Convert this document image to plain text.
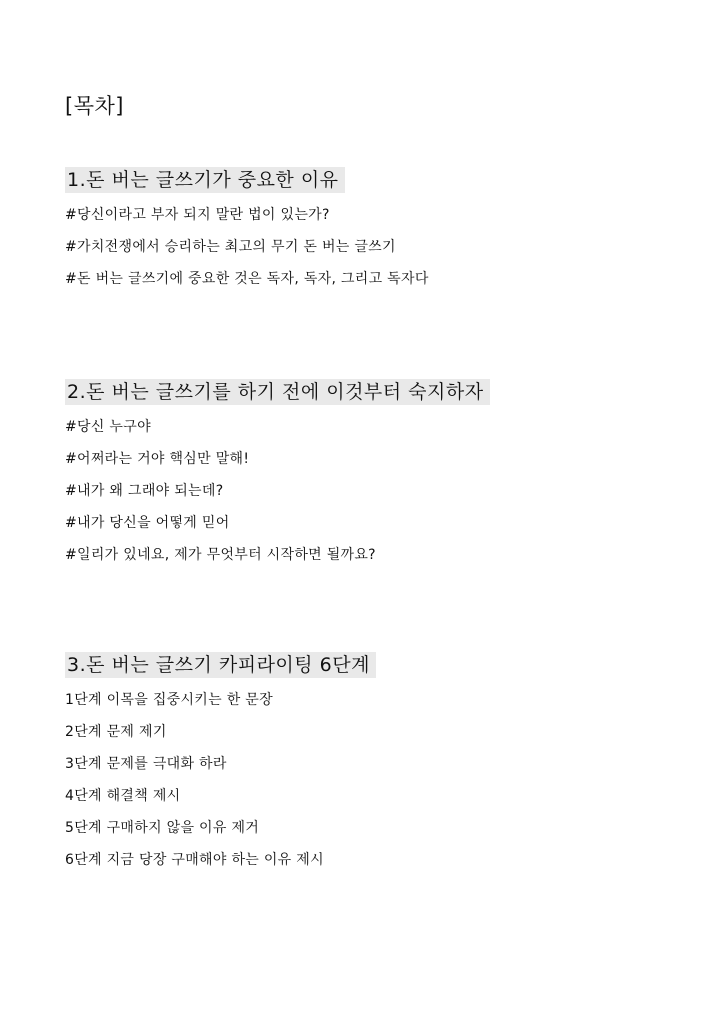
[목차]
1.돈 버는 글쓰기가 중요한 이유
#당신이라고 부자 되지 말란 법이 있는가?
#가치전쟁에서 승리하는 최고의 무기 돈 버는 글쓰기
#돈 버는 글쓰기에 중요한 것은 독자, 독자, 그리고 독자다
2.돈 버는 글쓰기를 하기 전에 이것부터 숙지하자
#당신 누구야
#어쩌라는 거야 핵심만 말해!
#내가 왜 그래야 되는데?
#내가 당신을 어떻게 믿어
#일리가 있네요, 제가 무엇부터 시작하면 될까요?
3.돈 버는 글쓰기 카피라이팅 6단계
1단계 이목을 집중시키는 한 문장
2단계 문제 제기
3단계 문제를 극대화 하라
4단계 해결책 제시
5단계 구매하지 않을 이유 제거
6단계 지금 당장 구매해야 하는 이유 제시
